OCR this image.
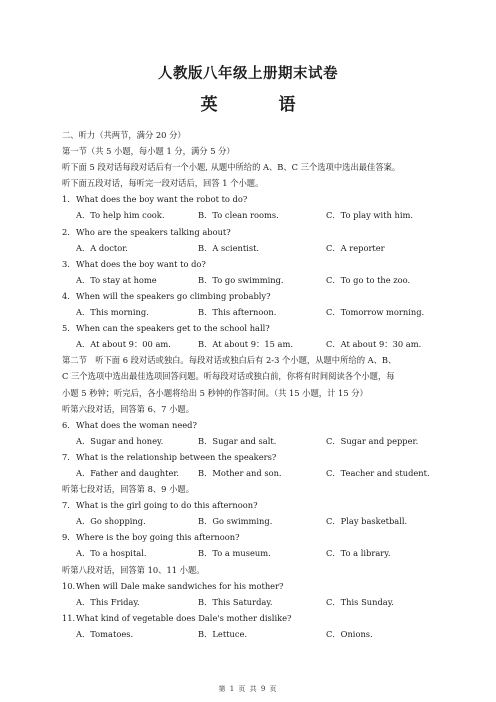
人教版八年级上册期末试卷
英　语
二、听力（共两节，满分 20 分）
第一节（共 5 小题，每小题 1 分，满分 5 分）
听下面 5 段对话每段对话后有一个小题, 从题中所给的 A、B、C 三个选项中选出最佳答案。
听下面五段对话，每听完一段对话后，回答 1 个小题。
1. What does the boy want the robot to do?
A．To help him cook.	B．To clean rooms.	C．To play with him.
2. Who are the speakers talking about?
A．A doctor.	B．A scientist.	C．A reporter
3. What does the boy want to do?
A．To stay at home	B．To go swimming.	C．To go to the zoo.
4. When will the speakers go climbing probably?
A．This morning.	B．This afternoon.	C．Tomorrow morning.
5. When can the speakers get to the school hall?
A．At about 9：00 am.	B．At about 9：15 am.	C．At about 9：30 am.
第二节　听下面 6 段对话或独白。每段对话或独白后有 2-3 个小题，从题中所给的 A、B、
C 三个选项中选出最佳选项回答问题。听每段对话或独白前，你将有时间阅读各个小题，每
小题 5 秒钟；听完后，各小题将给出 5 秒钟的作答时间。（共 15 小题，计 15 分）
听第六段对话，回答第 6、7 小题。
6. What does the woman need?
A．Sugar and honey.	B．Sugar and salt.	C．Sugar and pepper.
7. What is the relationship between the speakers?
A．Father and daughter. B．Mother and son.	C．Teacher and student.
听第七段对话，回答第 8、9 小题。
7. What is the girl going to do this afternoon?
A．Go shopping.	B．Go swimming.	C．Play basketball.
9. Where is the boy going this afternoon?
A．To a hospital.	B．To a museum.	C．To a library.
听第八段对话，回答第 10、11 小题。
10.When will Dale make sandwiches for his mother?
A．This Friday.	B．This Saturday.	C．This Sunday.
11.What kind of vegetable does Dale's mother dislike?
A．Tomatoes.	B．Lettuce.	C．Onions.
第 1 页 共 9 页
